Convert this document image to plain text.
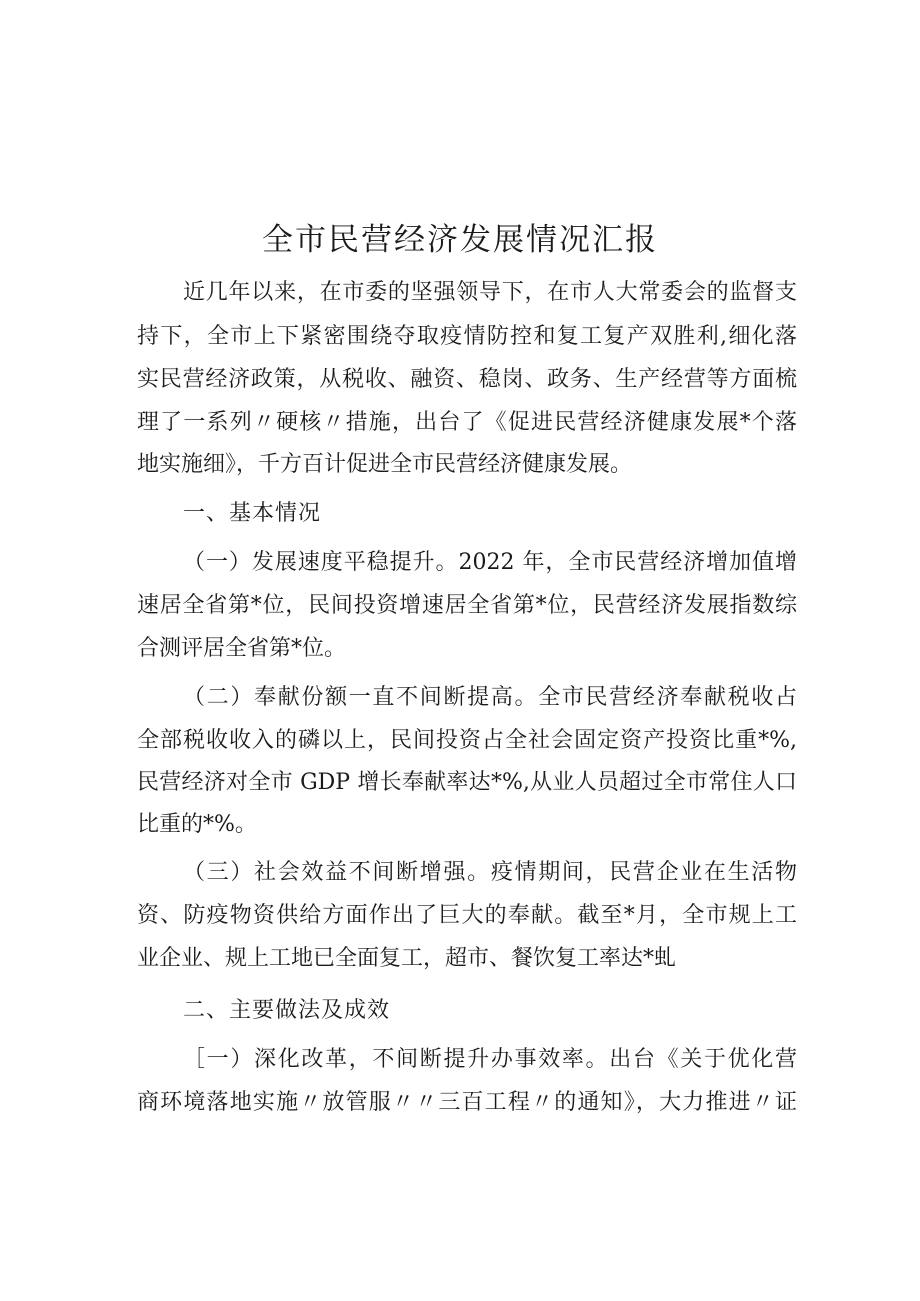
全市民营经济发展情况汇报
近几年以来，在市委的坚强领导下，在市人大常委会的监督支
持下，全市上下紧密围绕夺取疫情防控和复工复产双胜利,细化落
实民营经济政策，从税收、融资、稳岗、政务、生产经营等方面梳
理了一系列〃硬核〃措施，出台了《促进民营经济健康发展*个落
地实施细》，千方百计促进全市民营经济健康发展。
一、基本情况
（一）发展速度平稳提升。2022 年，全市民营经济增加值增
速居全省第*位，民间投资增速居全省第*位，民营经济发展指数综
合测评居全省第*位。
（二）奉献份额一直不间断提高。全市民营经济奉献税收占
全部税收收入的磷以上，民间投资占全社会固定资产投资比重*%,
民营经济对全市 GDP 增长奉献率达*%,从业人员超过全市常住人口
比重的*%。
（三）社会效益不间断增强。疫情期间，民营企业在生活物
资、防疫物资供给方面作出了巨大的奉献。截至*月，全市规上工
业企业、规上工地已全面复工，超市、餐饮复工率达*虬
二、主要做法及成效
［一）深化改革，不间断提升办事效率。出台《关于优化营
商环境落地实施〃放管服〃〃三百工程〃的通知》，大力推进〃证
